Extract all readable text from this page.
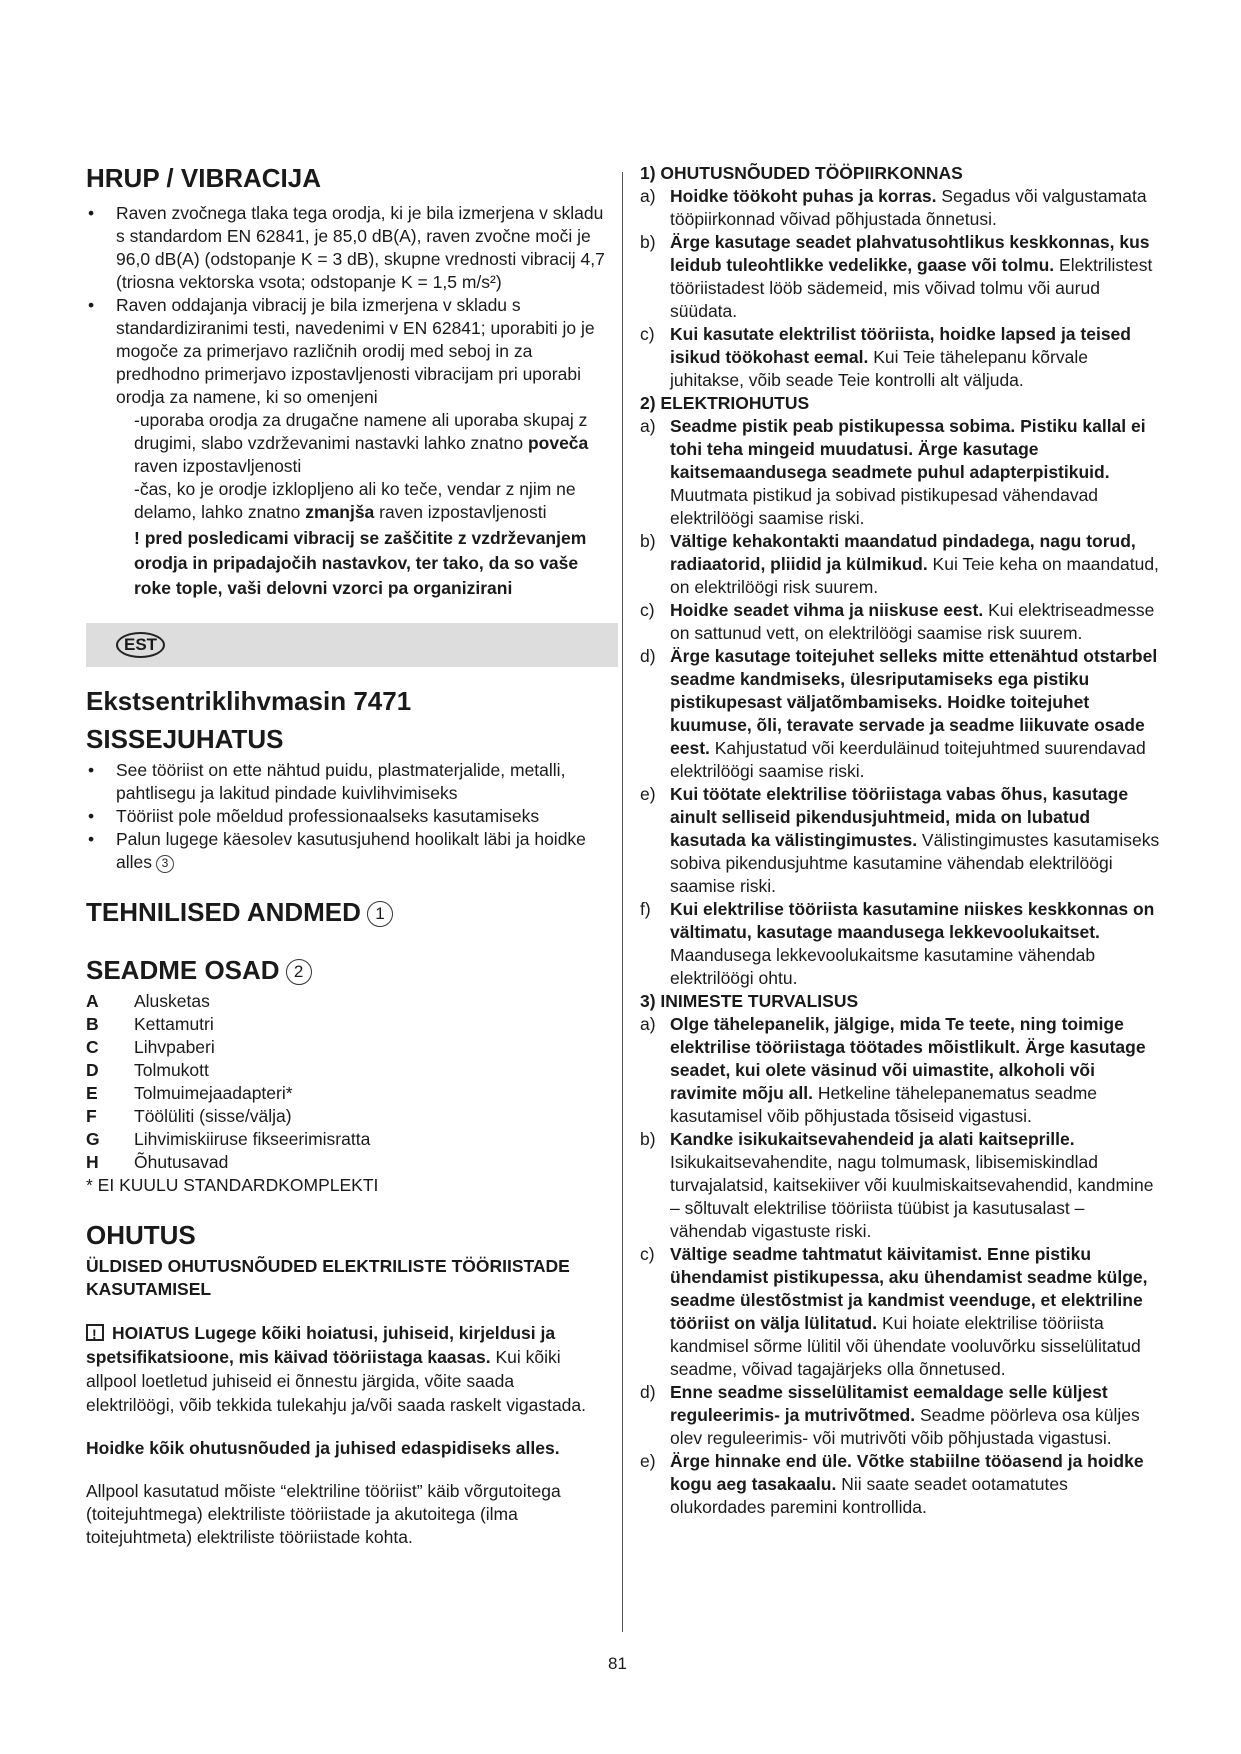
HRUP / VIBRACIJA
• Raven zvočnega tlaka tega orodja, ki je bila izmerjena v skladu s standardom EN 62841, je 85,0 dB(A), raven zvočne moči je 96,0 dB(A) (odstopanje K = 3 dB), skupne vrednosti vibracij 4,7 (triosna vektorska vsota; odstopanje K = 1,5 m/s²)
• Raven oddajanja vibracij je bila izmerjena v skladu s standardiziranimi testi, navedenimi v EN 62841; uporabiti jo je mogoče za primerjavo različnih orodij med seboj in za predhodno primerjavo izpostavljenosti vibracijam pri uporabi orodja za namene, ki so omenjeni
-uporaba orodja za drugačne namene ali uporaba skupaj z drugimi, slabo vzdrževanimi nastavki lahko znatno poveča raven izpostavljenosti
-čas, ko je orodje izklopljeno ali ko teče, vendar z njim ne delamo, lahko znatno zmanjša raven izpostavljenosti
! pred posledicami vibracij se zaščitite z vzdrževanjem orodja in pripadajočih nastavkov, ter tako, da so vaše roke tople, vaši delovni vzorci pa organizirani
EST
Ekstsentriklihvmasin 7471
SISSEJUHATUS
• See tööriist on ette nähtud puidu, plastmaterjalide, metalli, pahtlisegu ja lakitud pindade kuivlihvimiseks
• Tööriist pole mõeldud professionaalseks kasutamiseks
• Palun lugege käesolev kasutusjuhend hoolikalt läbi ja hoidke alles 3
TEHNILISED ANDMED 1
SEADME OSAD 2
A	Alusketas
B	Kettamutri
C	Lihvpaberi
D	Tolmukott
E	Tolmuimejaadapteri*
F	Töölüliti (sisse/välja)
G	Lihvimiskiiruse fikseerimisratta
H	Õhutusavad
* EI KUULU STANDARDKOMPLEKTI
OHUTUS
ÜLDISED OHUTUSNÕUDED ELEKTRILISTE TÖÖRIISTADE KASUTAMISEL
!HOIATUS Lugege kõiki hoiatusi, juhiseid, kirjeldusi ja spetsifikatsioone, mis käivad tööriistaga kaasas. Kui kõiki allpool loetletud juhiseid ei õnnestu järgida, võite saada elektrilöögi, võib tekkida tulekahju ja/või saada raskelt vigastada.
Hoidke kõik ohutusnõuded ja juhised edaspidiseks alles.
Allpool kasutatud mõiste “elektriline tööriist” käib võrgutoitega (toitejuhtmega) elektriliste tööriistade ja akutoitega (ilma toitejuhtmeta) elektriliste tööriistade kohta.
1) OHUTUSNÕUDED TÖÖPIIRKONNAS
a) Hoidke töökoht puhas ja korras. Segadus või valgustamata tööpiirkonnad võivad põhjustada õnnetusi.
b) Ärge kasutage seadet plahvatusohtlikus keskkonnas, kus leidub tuleohtlikke vedelikke, gaase või tolmu. Elektrilistest tööriistadest lööb sädemeid, mis võivad tolmu või aurud süüdata.
c) Kui kasutate elektrilist tööriista, hoidke lapsed ja teised isikud töökohast eemal. Kui Teie tähelepanu kõrvale juhitakse, võib seade Teie kontrolli alt väljuda.
2) ELEKTRIOHUTUS
a) Seadme pistik peab pistikupessa sobima. Pistiku kallal ei tohi teha mingeid muudatusi. Ärge kasutage kaitsemaandusega seadmete puhul adapterpistikuid. Muutmata pistikud ja sobivad pistikupesad vähendavad elektrilöögi saamise riski.
b) Vältige kehakontakti maandatud pindadega, nagu torud, radiaatorid, pliidid ja külmikud. Kui Teie keha on maandatud, on elektrilöögi risk suurem.
c) Hoidke seadet vihma ja niiskuse eest. Kui elektriseadmesse on sattunud vett, on elektrilöögi saamise risk suurem.
d) Ärge kasutage toitejuhet selleks mitte ettenähtud otstarbel seadme kandmiseks, ülesriputamiseks ega pistiku pistikupesast väljatõmbamiseks. Hoidke toitejuhet kuumuse, õli, teravate servade ja seadme liikuvate osade eest. Kahjustatud või keerduläinud toitejuhtmed suurendavad elektrilöögi saamise riski.
e) Kui töötate elektrilise tööriistaga vabas õhus, kasutage ainult selliseid pikendusjuhtmeid, mida on lubatud kasutada ka välistingimustes. Välistingimustes kasutamiseks sobiva pikendusjuhtme kasutamine vähendab elektrilöögi saamise riski.
f) Kui elektrilise tööriista kasutamine niiskes keskkonnas on vältimatu, kasutage maandusega lekkevoolukaitset. Maandusega lekkevoolukaitsme kasutamine vähendab elektrilöögi ohtu.
3) INIMESTE TURVALISUS
a) Olge tähelepanelik, jälgige, mida Te teete, ning toimige elektrilise tööriistaga töötades mõistlikult. Ärge kasutage seadet, kui olete väsinud või uimastite, alkoholi või ravimite mõju all. Hetkeline tähelepanematus seadme kasutamisel võib põhjustada tõsiseid vigastusi.
b) Kandke isikukaitsevahendeid ja alati kaitseprille. Isikukaitsevahendite, nagu tolmumask, libisemiskindlad turvajalatsid, kaitsekiiver või kuulmiskaitsevahendid, kandmine – sõltuvalt elektrilise tööriista tüübist ja kasutusalast – vähendab vigastuste riski.
c) Vältige seadme tahtmatut käivitamist. Enne pistiku ühendamist pistikupessa, aku ühendamist seadme külge, seadme ülestõstmist ja kandmist veenduge, et elektriline tööriist on välja lülitatud. Kui hoiate elektrilise tööriista kandmisel sõrme lülitil või ühendate vooluvõrku sisselülitatud seadme, võivad tagajärjeks olla õnnetused.
d) Enne seadme sisselülitamist eemaldage selle küljest reguleerimis- ja mutrivõtmed. Seadme pöörleva osa küljes olev reguleerimis- või mutrivõti võib põhjustada vigastusi.
e) Ärge hinnake end üle. Võtke stabiilne tööasend ja hoidke kogu aeg tasakaalu. Nii saate seadet ootamatutes olukordades paremini kontrollida.
81
